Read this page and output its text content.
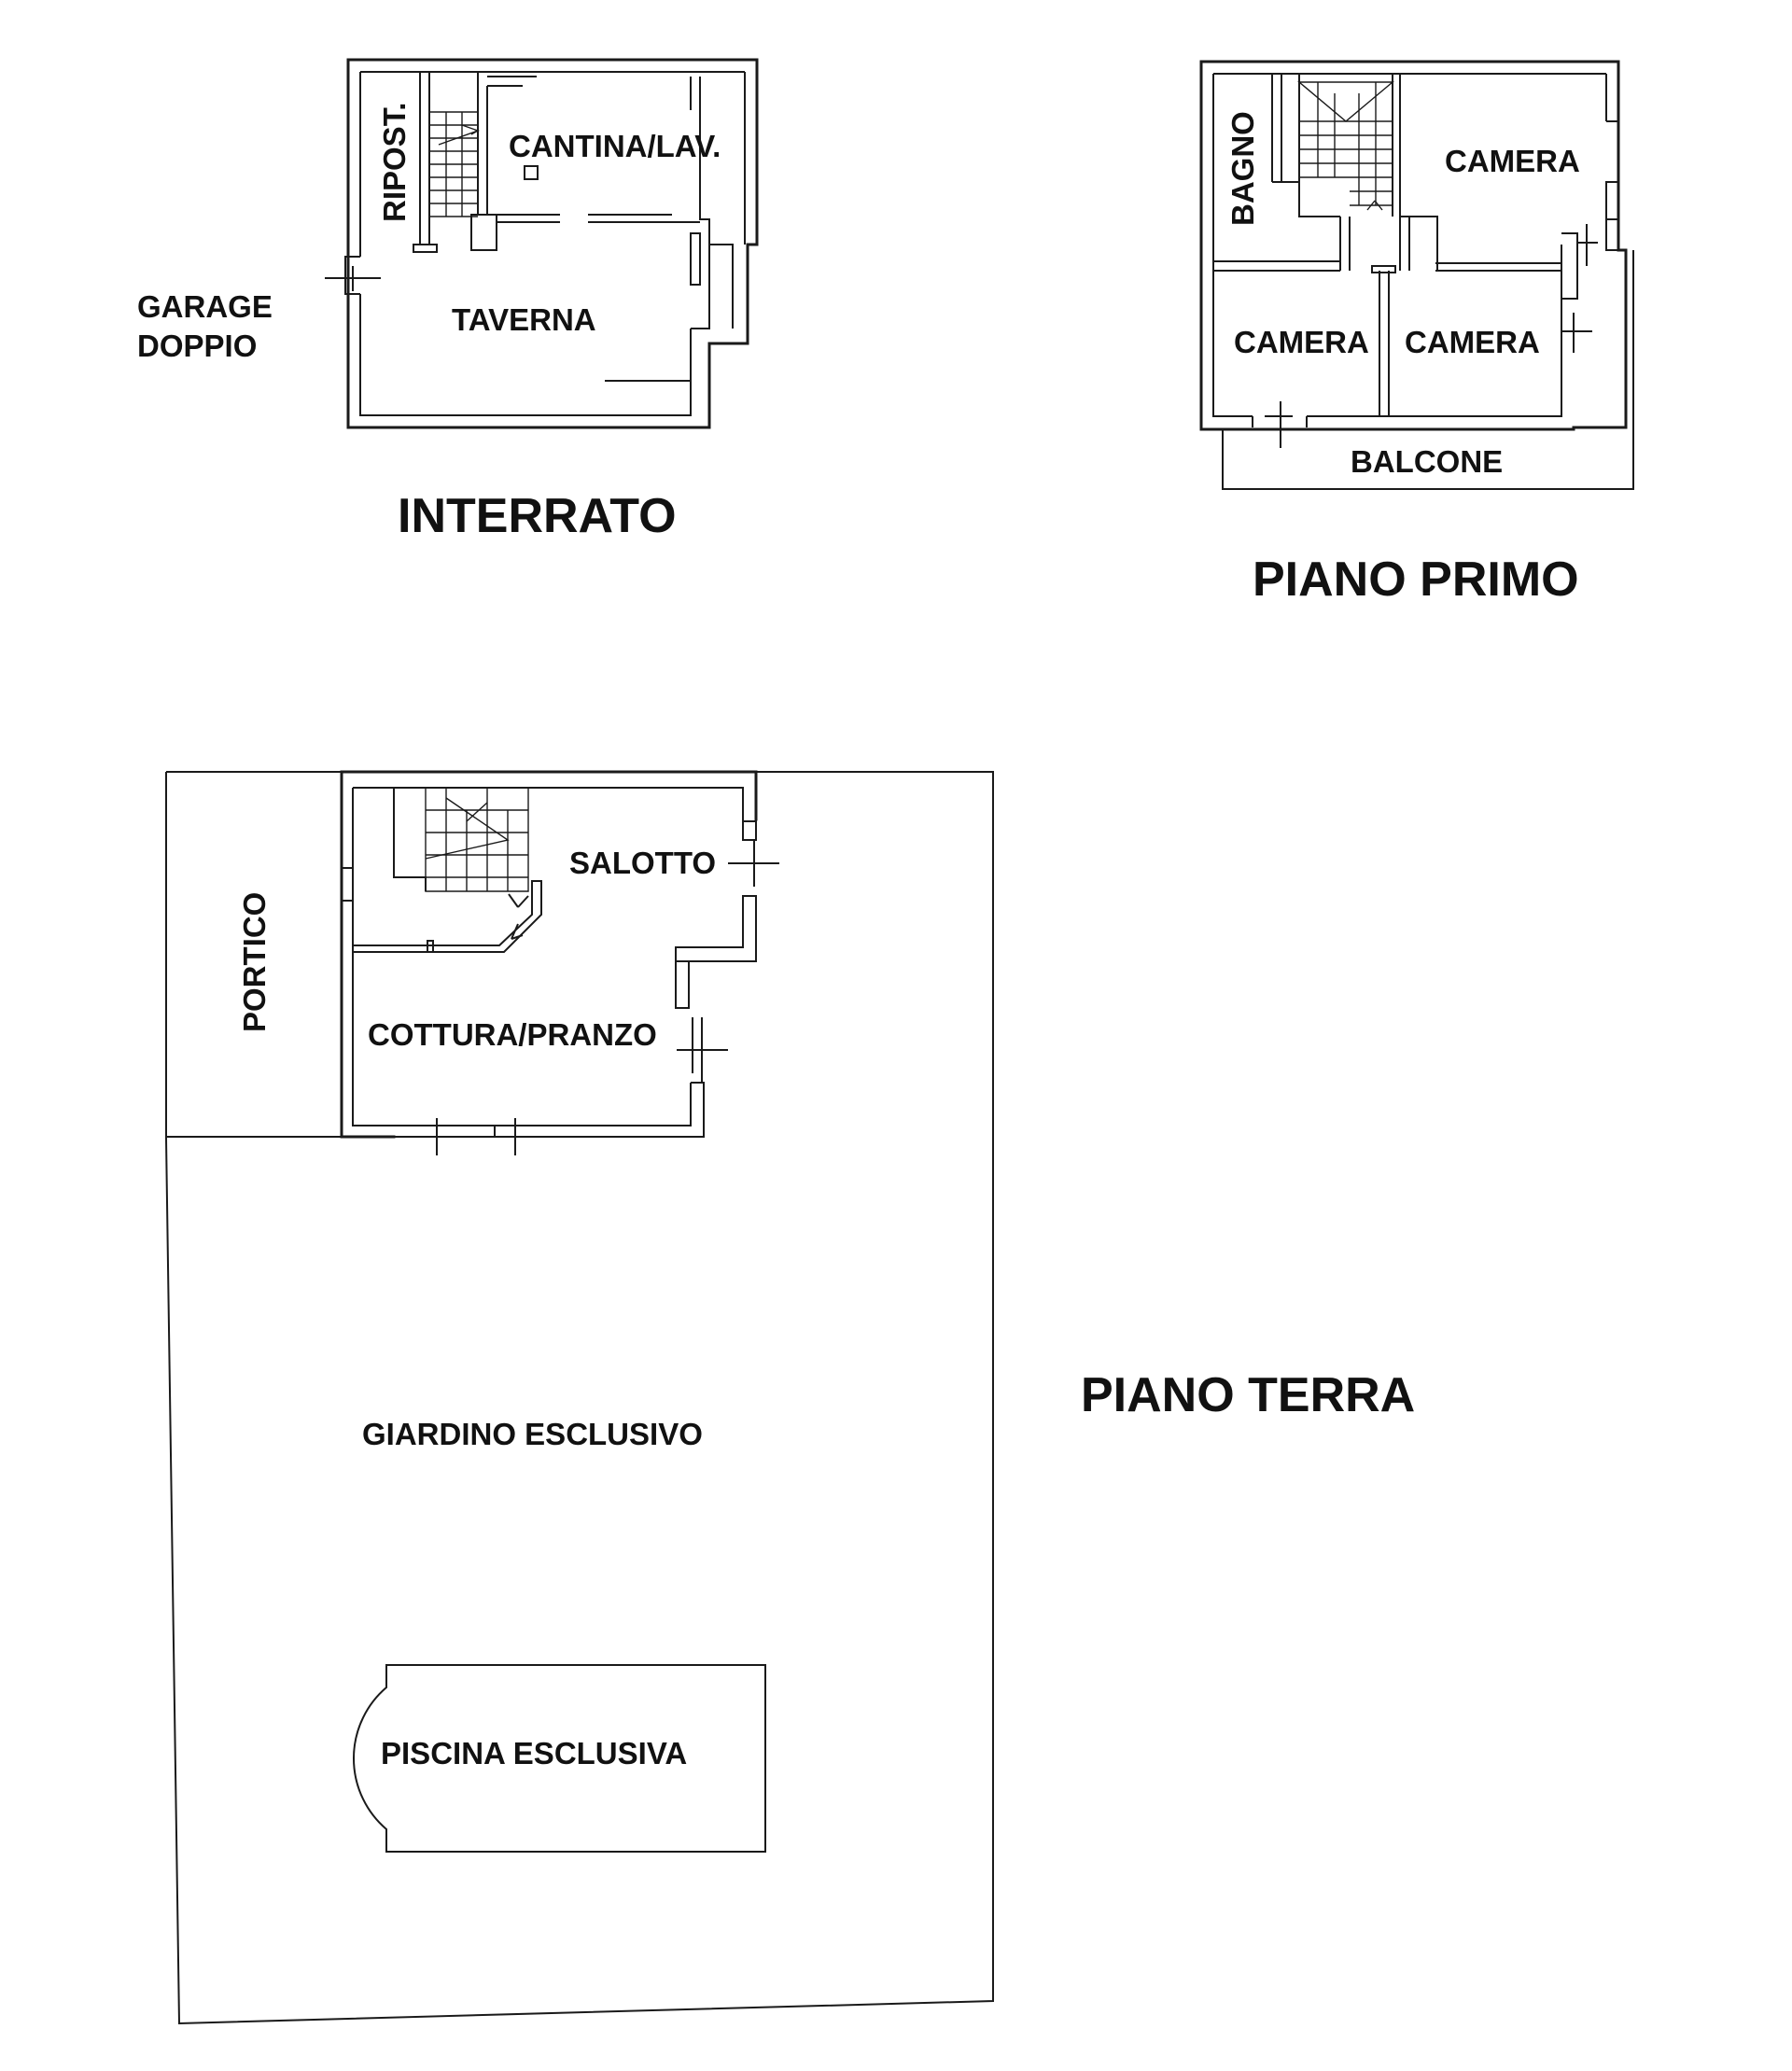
RIPOST.	CANTINA/LAV.
TAVERNA
GARAGE
DOPPIO
INTERRATO
BAGNO	CAMERA
CAMERA CAMERA
BALCONE
PIANO PRIMO
PORTICO
SALOTTO
COTTURA/PRANZO
GIARDINO ESCLUSIVO
PISCINA ESCLUSIVA
PIANO TERRA
